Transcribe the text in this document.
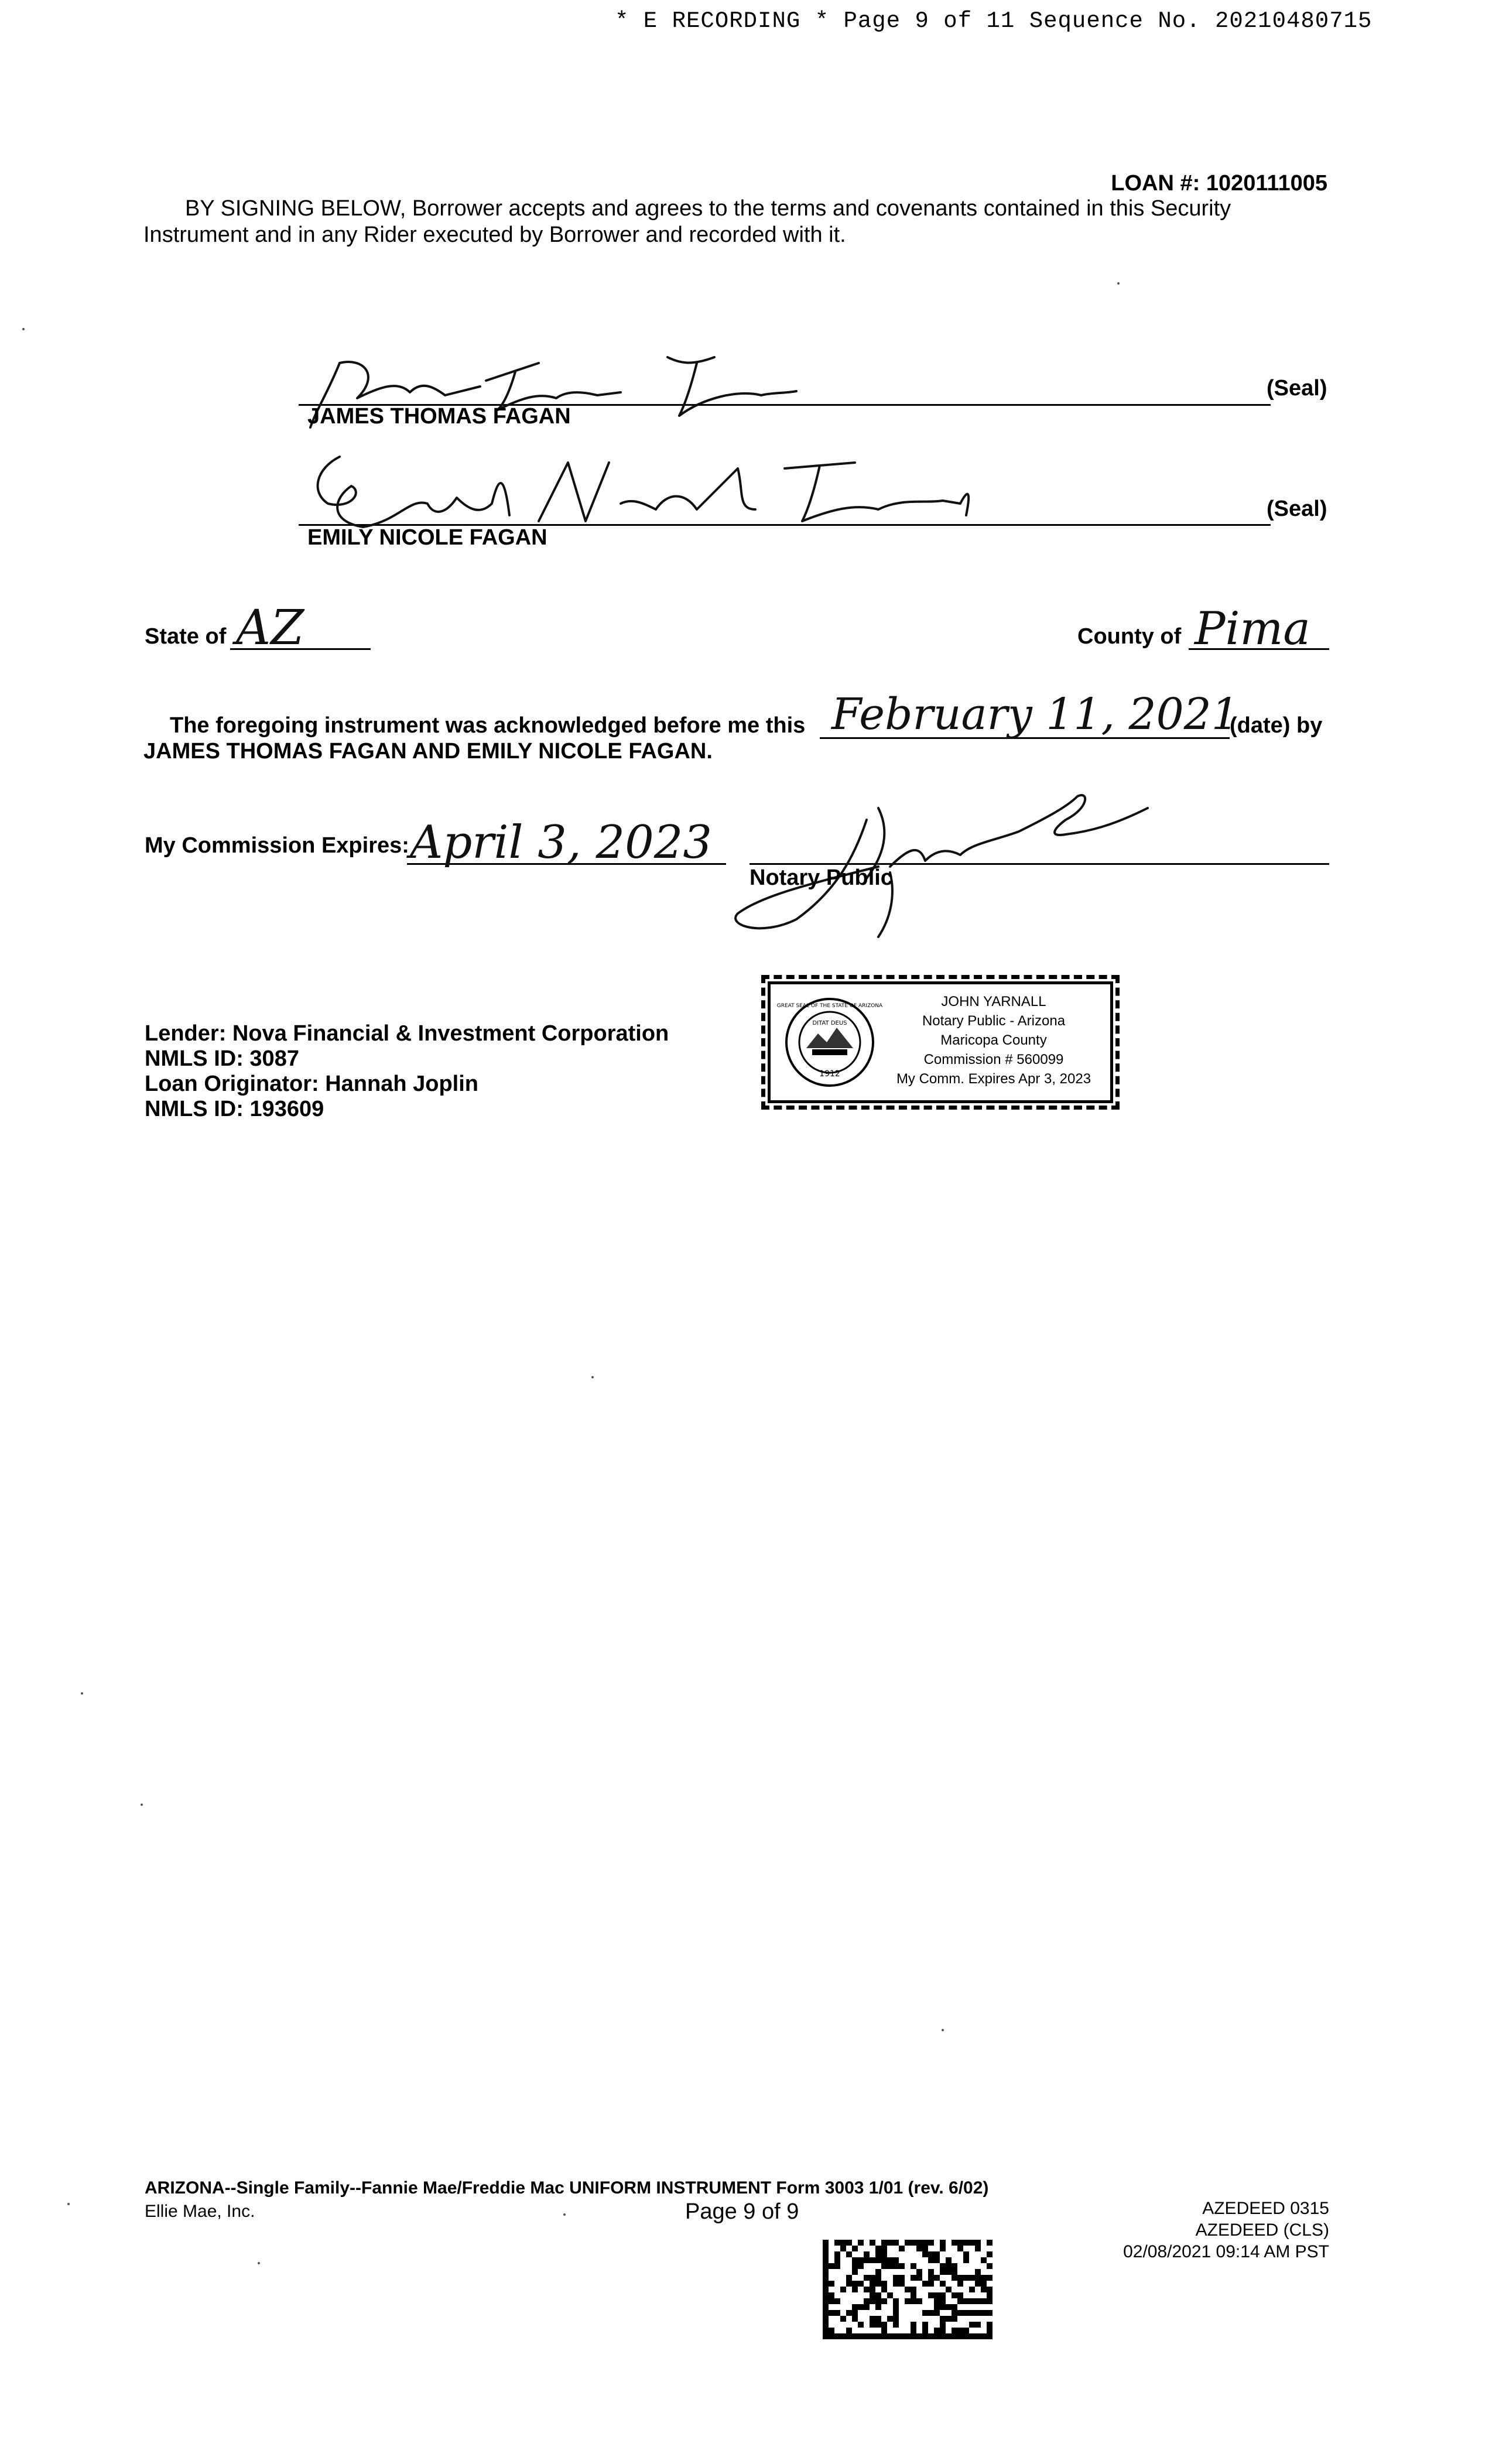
* E RECORDING * Page 9 of 11 Sequence No. 20210480715
LOAN #: 1020111005
BY SIGNING BELOW, Borrower accepts and agrees to the terms and covenants contained in this Security
Instrument and in any Rider executed by Borrower and recorded with it.
JAMES THOMAS FAGAN
(Seal)
EMILY NICOLE FAGAN
(Seal)
State of AZ	County of Pima
The foregoing instrument was acknowledged before me this February 11, 2021
(date) by
JAMES THOMAS FAGAN AND EMILY NICOLE FAGAN.
My Commission Expires: April 3, 2023
Notary Public
Lender: Nova Financial & Investment Corporation
NMLS ID: 3087
Loan Originator: Hannah Joplin
NMLS ID: 193609
DITAT DEUS
1912
GREAT SEAL OF THE STATE OF ARIZONA	JOHN YARNALL
Notary Public - Arizona
Maricopa County
Commission # 560099
My Comm. Expires Apr 3, 2023
ARIZONA--Single Family--Fannie Mae/Freddie Mac UNIFORM INSTRUMENT Form 3003 1/01 (rev. 6/02)
Ellie Mae, Inc.	Page 9 of 9	AZEDEED 0315
AZEDEED (CLS)
02/08/2021 09:14 AM PST
